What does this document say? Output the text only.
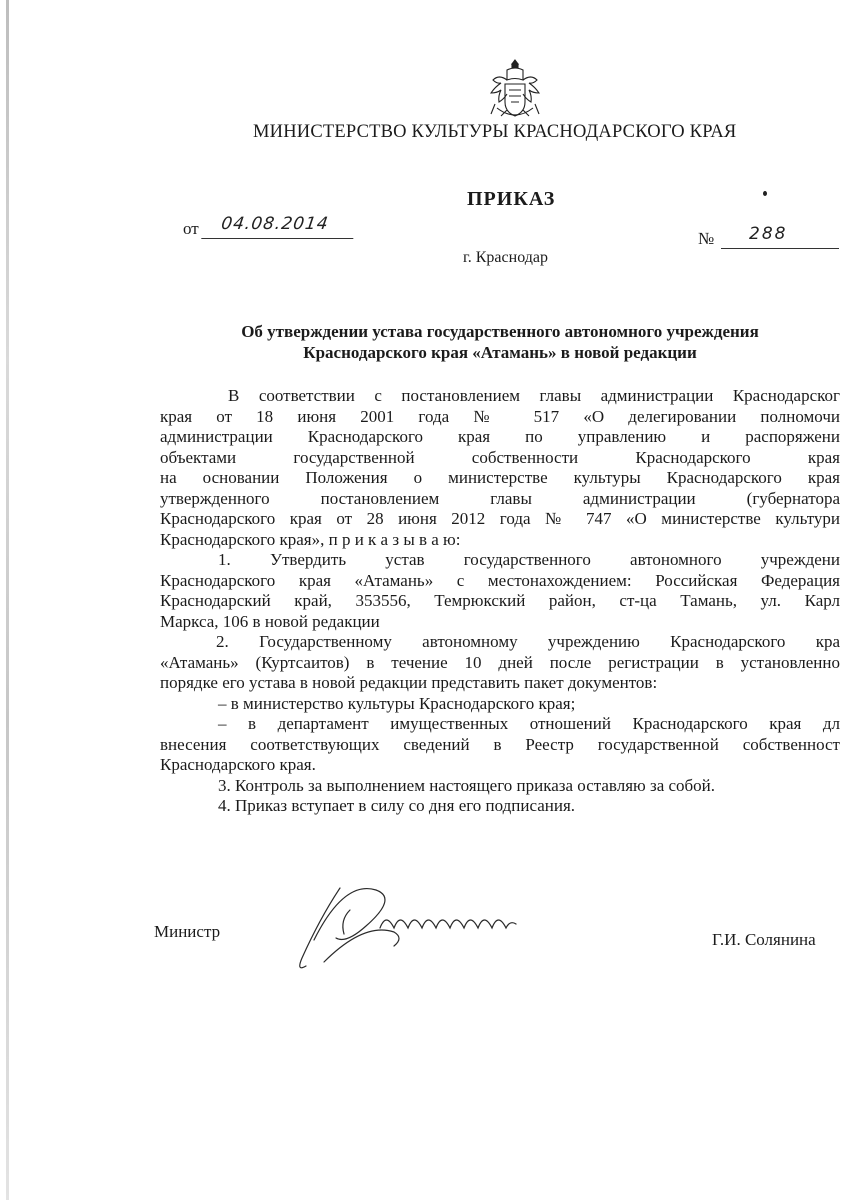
МИНИСТЕРСТВО КУЛЬТУРЫ КРАСНОДАРСКОГО КРАЯ
ПРИКАЗ
от	04.08.2014
№	288
г. Краснодар
Об утверждении устава государственного автономного учреждения
Краснодарского края «Атамань» в новой редакции
В соответствии с постановлением главы администрации Краснодарског
края от 18 июня 2001 года № 517 «О делегировании полномочи
администрации Краснодарского края по управлению и распоряжени
объектами государственной собственности Краснодарского края
на основании Положения о министерстве культуры Краснодарского края
утвержденного постановлением главы администрации (губернатора
Краснодарского края от 28 июня 2012 года № 747 «О министерстве культури
Краснодарского края», п р и к а з ы в а ю:
1. Утвердить устав государственного автономного учреждени
Краснодарского края «Атамань» с местонахождением: Российская Федерация
Краснодарский край, 353556, Темрюкский район, ст-ца Тамань, ул. Карл
Маркса, 106 в новой редакции
2. Государственному автономному учреждению Краснодарского кра
«Атамань» (Куртсаитов) в течение 10 дней после регистрации в установленно
порядке его устава в новой редакции представить пакет документов:
– в министерство культуры Краснодарского края;
– в департамент имущественных отношений Краснодарского края дл
внесения соответствующих сведений в Реестр государственной собственност
Краснодарского края.
3. Контроль за выполнением настоящего приказа оставляю за собой.
4. Приказ вступает в силу со дня его подписания.
Министр	Г.И. Солянина
